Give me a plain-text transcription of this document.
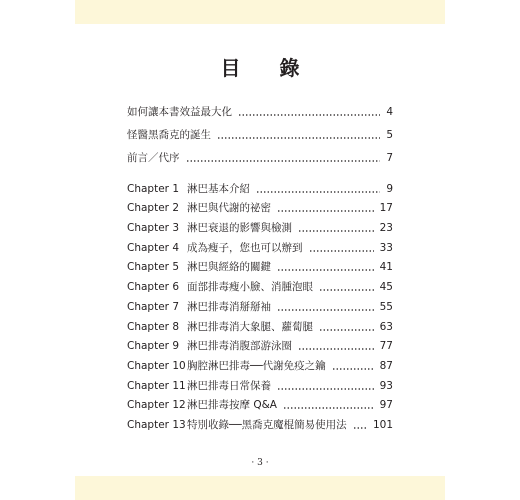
目 錄
如何讓本書效益最大化	4
怪醫黑喬克的誕生	5
前言／代序	7
Chapter 1 淋巴基本介紹	9
Chapter 2 淋巴與代謝的祕密	17
Chapter 3 淋巴衰退的影響與檢測	23
Chapter 4 成為瘦子，您也可以辦到	33
Chapter 5 淋巴與經絡的關鍵	41
Chapter 6 面部排毒瘦小臉、消腫泡眼	45
Chapter 7 淋巴排毒消掰掰袖	55
Chapter 8 淋巴排毒消大象腿、蘿蔔腿	63
Chapter 9 淋巴排毒消腹部游泳圈	77
Chapter 10 胸腔淋巴排毒──代謝免疫之鑰	87
Chapter 11 淋巴排毒日常保養	93
Chapter 12 淋巴排毒按摩 Q&A	97
Chapter 13 特別收錄──黑喬克魔棍簡易使用法	101
· 3 ·
